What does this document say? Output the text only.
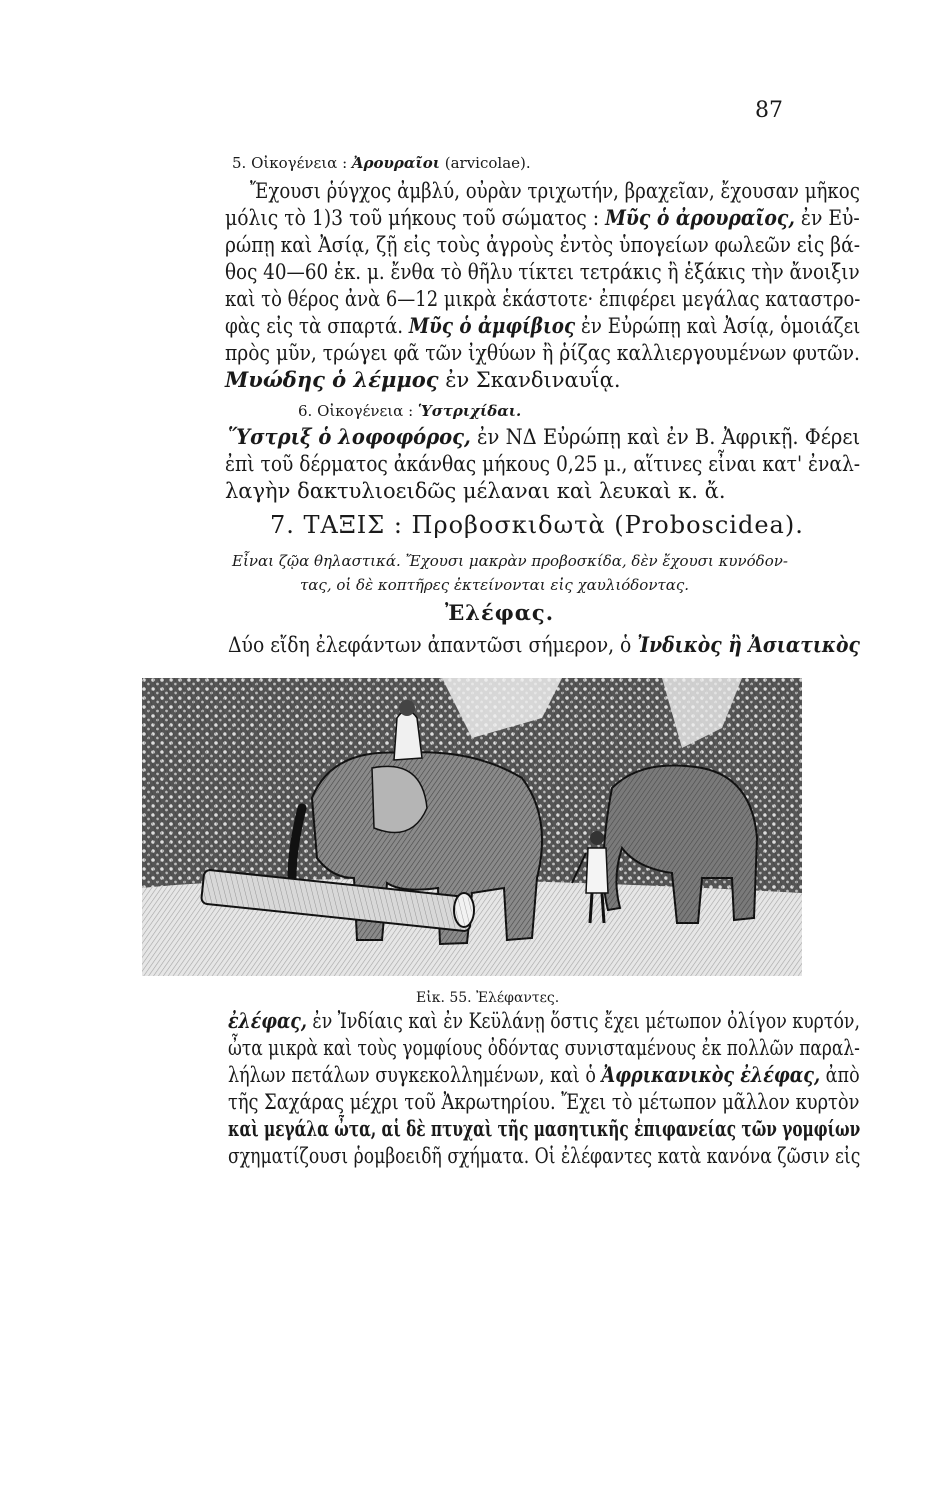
87
5. Οἰκογένεια : Ἀρουραῖοι (arvicolae).
Ἔχουσι ῥύγχος ἀμβλύ, οὐρὰν τριχωτήν, βραχεῖαν, ἔχουσαν μῆκος
μόλις τὸ 1)3 τοῦ μήκους τοῦ σώματος : Μῦς ὁ ἀρουραῖος, ἐν Εὐ-
ρώπῃ καὶ Ἀσίᾳ, ζῇ εἰς τοὺς ἀγροὺς ἐντὸς ὑπογείων φωλεῶν εἰς βά-
θος 40—60 ἑκ. μ. ἔνθα τὸ θῆλυ τίκτει τετράκις ἢ ἑξάκις τὴν ἄνοιξιν
καὶ τὸ θέρος ἀνὰ 6—12 μικρὰ ἑκάστοτε· ἐπιφέρει μεγάλας καταστρο-
φὰς εἰς τὰ σπαρτά. Μῦς ὁ ἀμφίβιος ἐν Εὐρώπῃ καὶ Ἀσίᾳ, ὁμοιάζει
πρὸς μῦν, τρώγει φᾶ τῶν ἰχθύων ἢ ῥίζας καλλιεργουμένων φυτῶν.
Μυώδης ὁ λέμμος ἐν Σκανδιναυΐᾳ.
6. Οἰκογένεια : Ὑστριχίδαι.
Ὕστριξ ὁ λοφοφόρος, ἐν ΝΔ Εὐρώπῃ καὶ ἐν Β. Ἀφρικῇ. Φέρει
ἐπὶ τοῦ δέρματος ἀκάνθας μήκους 0,25 μ., αἵτινες εἶναι κατ' ἐναλ-
λαγὴν δακτυλιοειδῶς μέλαναι καὶ λευκαὶ κ. ἄ.
7. ΤΑΞΙΣ : Προβοσκιδωτὰ (Proboscidea).
Εἶναι ζῷα θηλαστικά. Ἔχουσι μακρὰν προβοσκίδα, δὲν ἔχουσι κυνόδον-
τας, οἱ δὲ κοπτῆρες ἐκτείνονται εἰς χαυλιόδοντας.
Ἐλέφας.
Δύο εἴδη ἐλεφάντων ἀπαντῶσι σήμερον, ὁ Ἰνδικὸς ἢ Ἀσιατικὸς
Εἰκ. 55. Ἐλέφαντες.
ἐλέφας, ἐν Ἰνδίαις καὶ ἐν Κεϋλάνῃ ὅστις ἔχει μέτωπον ὀλίγον κυρτόν,
ὦτα μικρὰ καὶ τοὺς γομφίους ὀδόντας συνισταμένους ἐκ πολλῶν παραλ-
λήλων πετάλων συγκεκολλημένων, καὶ ὁ Ἀφρικανικὸς ἐλέφας, ἀπὸ
τῆς Σαχάρας μέχρι τοῦ Ἀκρωτηρίου. Ἔχει τὸ μέτωπον μᾶλλον κυρτὸν
καὶ μεγάλα ὦτα, αἱ δὲ πτυχαὶ τῆς μασητικῆς ἐπιφανείας τῶν γομφίων
σχηματίζουσι ῥομβοειδῆ σχήματα. Οἱ ἐλέφαντες κατὰ κανόνα ζῶσιν εἰς
